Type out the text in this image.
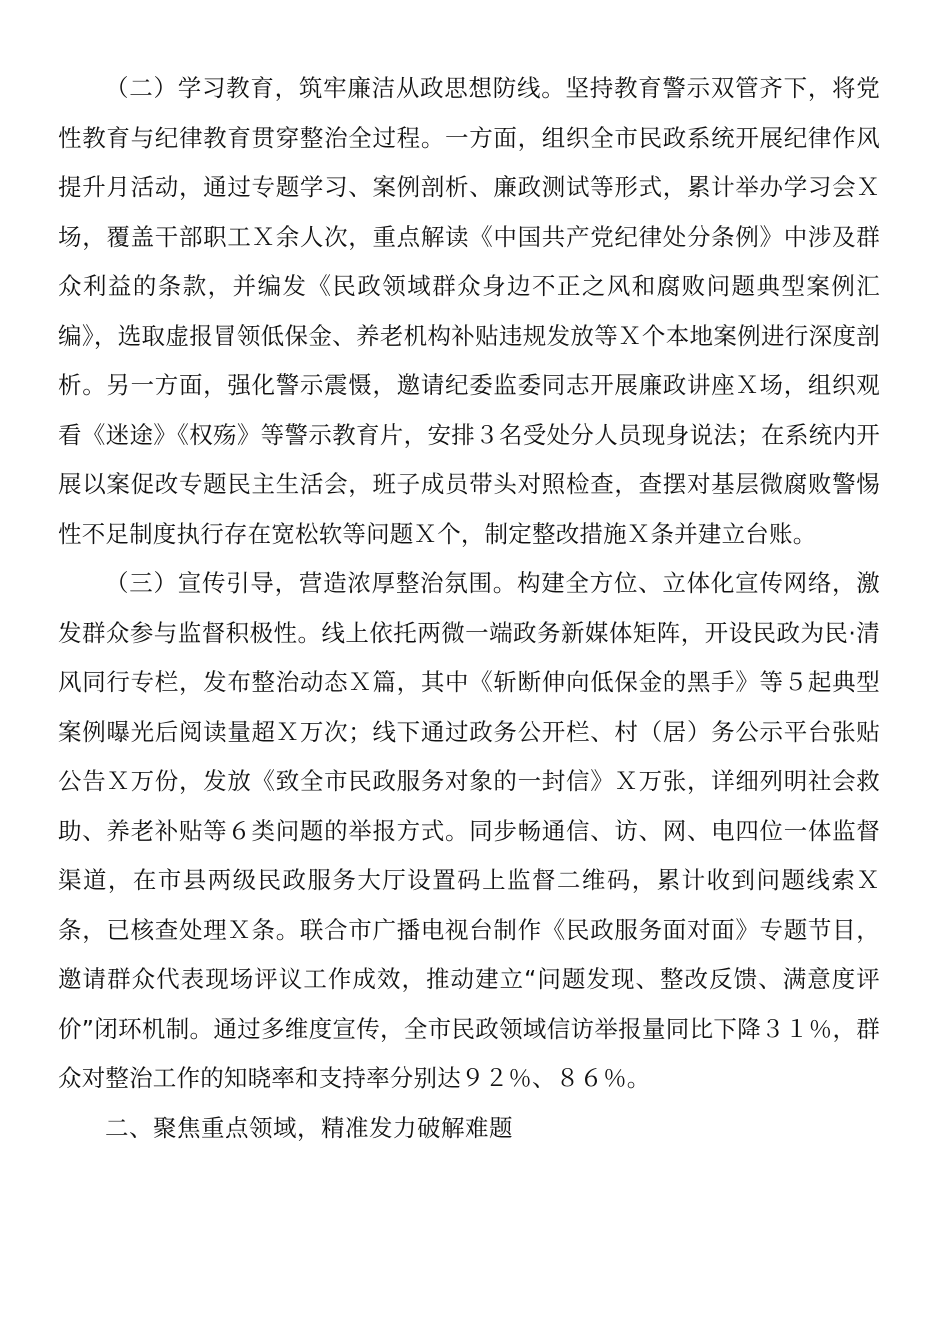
（二）学习教育，筑牢廉洁从政思想防线。坚持教育警示双管齐下，将党性教育与纪律教育贯穿整治全过程。一方面，组织全市民政系统开展纪律作风提升月活动，通过专题学习、案例剖析、廉政测试等形式，累计举办学习会Ｘ场，覆盖干部职工Ｘ余人次，重点解读《中国共产党纪律处分条例》中涉及群众利益的条款，并编发《民政领域群众身边不正之风和腐败问题典型案例汇编》，选取虚报冒领低保金、养老机构补贴违规发放等Ｘ个本地案例进行深度剖析。另一方面，强化警示震慑，邀请纪委监委同志开展廉政讲座Ｘ场，组织观看《迷途》《权殇》等警示教育片，安排３名受处分人员现身说法；在系统内开展以案促改专题民主生活会，班子成员带头对照检查，查摆对基层微腐败警惕性不足制度执行存在宽松软等问题Ｘ个，制定整改措施Ｘ条并建立台账。

（三）宣传引导，营造浓厚整治氛围。构建全方位、立体化宣传网络，激发群众参与监督积极性。线上依托两微一端政务新媒体矩阵，开设民政为民·清风同行专栏，发布整治动态Ｘ篇，其中《斩断伸向低保金的黑手》等５起典型案例曝光后阅读量超Ｘ万次；线下通过政务公开栏、村（居）务公示平台张贴公告Ｘ万份，发放《致全市民政服务对象的一封信》Ｘ万张，详细列明社会救助、养老补贴等６类问题的举报方式。同步畅通信、访、网、电四位一体监督渠道，在市县两级民政服务大厅设置码上监督二维码，累计收到问题线索Ｘ条，已核查处理Ｘ条。联合市广播电视台制作《民政服务面对面》专题节目，邀请群众代表现场评议工作成效，推动建立“问题发现、整改反馈、满意度评价”闭环机制。通过多维度宣传，全市民政领域信访举报量同比下降３１％，群众对整治工作的知晓率和支持率分别达９２％、８６％。

二、聚焦重点领域，精准发力破解难题
